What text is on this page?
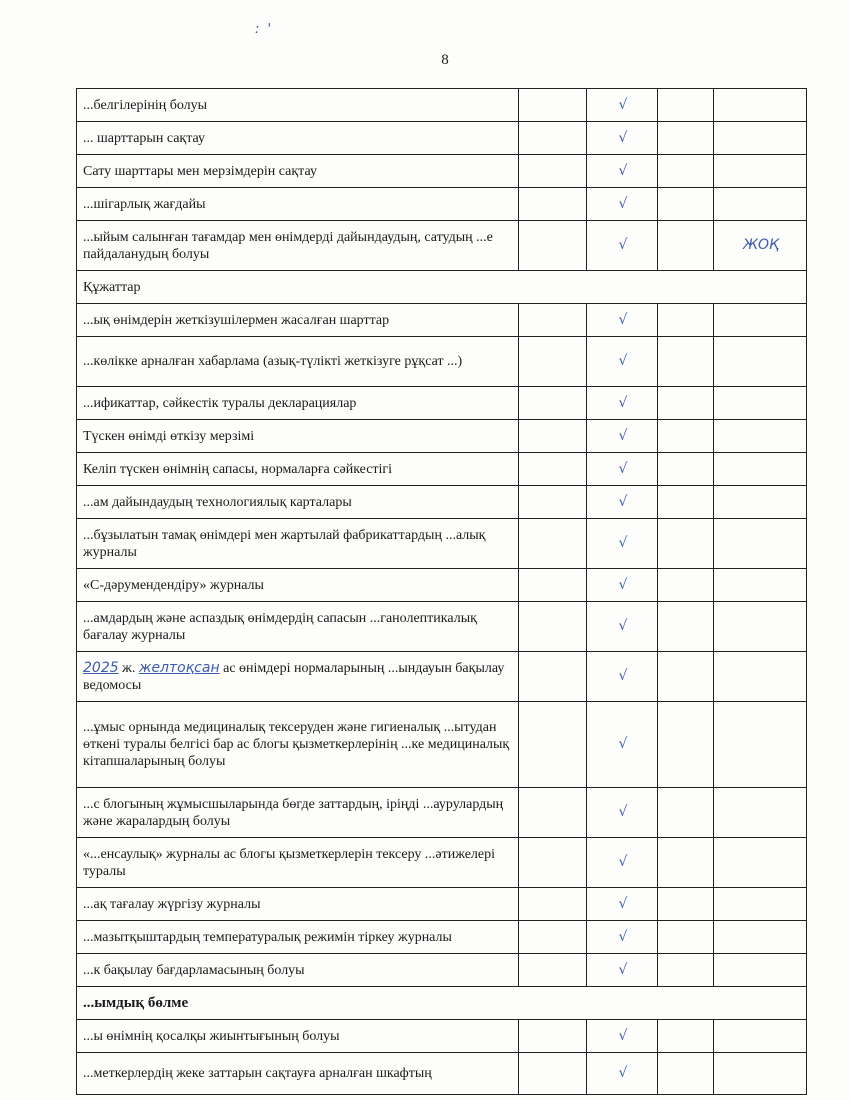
: '
8
...белгілерінің болуы		√		
... шарттарын сақтау		√		
Сату шарттары мен мерзімдерін сақтау		√		
...шігарлық жағдайы		√		
...ыйым салынған тағамдар мен өнімдерді дайындаудың, сатудың ...е пайдаланудың болуы		√		ЖОҚ
Құжаттар				
...ық өнімдерін жеткізушілермен жасалған шарттар		√		
...көлікке арналған хабарлама (азық-түлікті жеткізуге рұқсат ...)		√		
...ификаттар, сәйкестік туралы декларациялар		√		
Түскен өнімді өткізу мерзімі		√		
Келіп түскен өнімнің сапасы, нормаларға сәйкестігі		√		
...ам дайындаудың технологиялық карталары		√		
...бұзылатын тамақ өнімдері мен жартылай фабрикаттардың ...алық журналы		√		
«С-дәрумендендіру» журналы		√		
...амдардың және аспаздық өнімдердің сапасын ...ганолептикалық бағалау журналы		√		
2025 ж. желтоқсан ас өнімдері нормаларының ...ындауын бақылау ведомосы		√		
...ұмыс орнында медициналық тексеруден және гигиеналық ...ытудан өткені туралы белгісі бар ас блогы қызметкерлерінің ...ке медициналық кітапшаларының болуы		√		
...с блогының жұмысшыларында бөгде заттардың, іріңді ...аурулардың және жаралардың болуы		√		
«...енсаулық» журналы ас блогы қызметкерлерін тексеру ...әтижелері туралы		√		
...ақ тағалау жүргізу журналы		√		
...мазытқыштардың температуралық режимін тіркеу журналы		√		
...к бақылау бағдарламасының болуы		√		
...ымдық бөлме				
...ы өнімнің қосалқы жиынтығының болуы		√		
...меткерлердің жеке заттарын сақтауға арналған шкафтың		√		
